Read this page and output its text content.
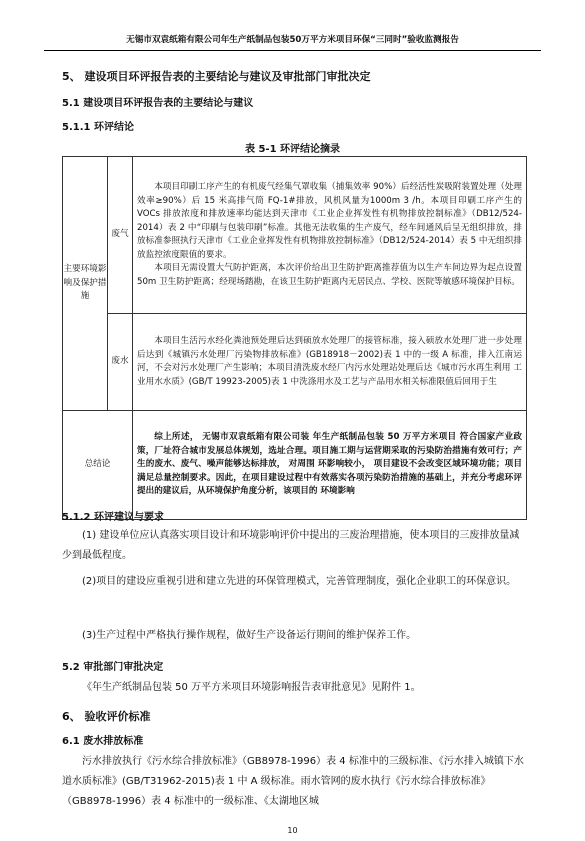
无锡市双袁纸箱有限公司年生产纸制品包装50万平方米项目环保“三同时”验收监测报告
5、 建设项目环评报告表的主要结论与建议及审批部门审批决定
5.1 建设项目环评报告表的主要结论与建议
5.1.1 环评结论
表 5-1 环评结论摘录
主要环境影响及保护措施	废气	本项目印刷工序产生的有机废气经集气罩收集（捕集效率 90%）后经活性炭吸附装置处理（处理效率≥90%）后 15 米高排气筒 FQ-1#排放，风机风量为1000m 3 /h。本项目印刷工序产生的 VOCs 排放浓度和排放速率均能达到天津市《工业企业挥发性有机物排放控制标准》（DB12/524-2014）表 2 中“印刷与包装印刷”标准。其他无法收集的生产废气，经车间通风后呈无组织排放，排放标准参照执行天津市《工业企业挥发性有机物排放控制标准》（DB12/524-2014）表 5 中无组织排放监控浓度限值的要求。

本项目无需设置大气防护距离，本次评价给出卫生防护距离推荐值为以生产车间边界为起点设置 50m 卫生防护距离；经现场踏勘，在该卫生防护距离内无居民点、学校、医院等敏感环境保护目标。

	废水	本项目生活污水经化粪池预处理后达到硕放水处理厂的接管标准，接入硕放水处理厂进一步处理后达到《城镇污水处理厂污染物排放标准》(GB18918－2002)表 1 中的一级 A 标准，排入江南运河，不会对污水处理厂产生影响；本项目清洗废水经厂内污水处理站处理后达《城市污水再生利用 工业用水水质》(GB/T 19923-2005)表 1 中洗涤用水及工艺与产品用水相关标准限值后回用于生

总结论		综上所述， 无锡市双袁纸箱有限公司装 年生产纸制品包装 50 万平方米项目 符合国家产业政策，厂址符合城市发展总体规划，选址合理。项目施工期与运营期采取的污染防治措施有效可行；产生的废水、废气、噪声能够达标排放， 对周围 环影响较小， 项目建设不会改变区域环境功能；项目满足总量控制要求。因此，在项目建设过程中有效落实各项污染防治措施的基础上，并充分考虑环评提出的建议后，从环境保护角度分析，该项目的 环境影响

5.1.2 环评建议与要求
(1) 建设单位应认真落实项目设计和环境影响评价中提出的三废治理措施，使本项目的三废排放量减少到最低程度。
(2)项目的建设应重视引进和建立先进的环保管理模式，完善管理制度，强化企业职工的环保意识。
(3)生产过程中严格执行操作规程，做好生产设备运行期间的维护保养工作。
5.2 审批部门审批决定
《年生产纸制品包装 50 万平方米项目环境影响报告表审批意见》见附件 1。
6、 验收评价标准
6.1 废水排放标准
污水排放执行《污水综合排放标准》（GB8978-1996）表 4 标准中的三级标准、《污水排入城镇下水道水质标准》(GB/T31962-2015)表 1 中 A 级标准。雨水管网的废水执行《污水综合排放标准》（GB8978-1996）表 4 标准中的一级标准、《太湖地区城
10
